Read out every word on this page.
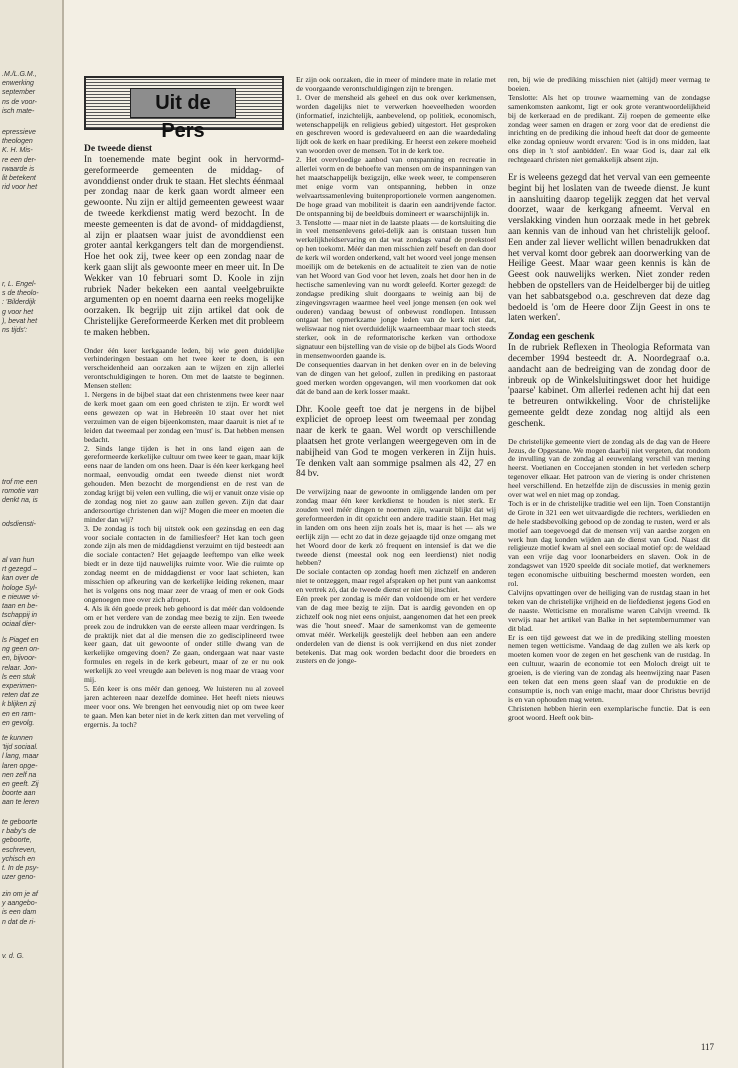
.M./L.G.M.,
enwerking
september
ns de voor-
isch mate-

epressieve
theologen
K. H. Mis-
re een der-
rwaarde is
lit betekent
rid voor het

r, L. Engel-
s de theolo-
: 'Bilderdijk
g voor het
), bevat het
ns tijds':

trof me een
romotie van
denkt na, is

odsdiensti-

al van hun
rt gezegd –
kan over de
hologe Syl-
e nieuwe vi-
taan en be-
tschappij in
ociaal dier-

ls Piaget en
ng geen on-
en, bijvoor-
relaar. Jon-
ls een stuk
experimen-
reten dat ze
k blijken zij
en en ram-
en gevolg.

te kunnen
'tijd sociaal.
l lang, maar
laren opge-
nen zelf na
en geeft. Zij
boorte aan
aan te leren

te geboorte
r baby's de
geboorte,
eschreven,
ychisch en
t. In de psy-
uzer geno-

zin om je af
y aangebo-
is een dam
n dat de ri-

v. d. G.

Uit de Pers
De tweede dienst

In toenemende mate begint ook in hervormd-gereformeerde gemeenten de middag- of avonddienst onder druk te staan. Het slechts éénmaal per zondag naar de kerk gaan wordt almeer een gewoonte. Nu zijn er altijd gemeenten geweest waar de tweede kerkdienst matig werd bezocht. In de meeste gemeenten is dat de avond- of middagdienst, al zijn er plaatsen waar juist de avonddienst een groter aantal kerkgangers telt dan de morgendienst. Hoe het ook zij, twee keer op een zondag naar de kerk gaan slijt als gewoonte meer en meer uit. In De Wekker van 10 februari somt D. Koole in zijn rubriek Nader bekeken een aantal veelgebruikte argumenten op en noemt daarna een reeks mogelijke oorzaken. Ik begrijp uit zijn artikel dat ook de Christelijke Gereformeerde Kerken met dit probleem te maken hebben.

Onder één keer kerkgaande leden, bij wie geen duidelijke verhinderingen bestaan om het twee keer te doen, is een verscheidenheid aan oorzaken aan te wijzen en zijn allerlei verontschuldigingen te horen. Om met de laatste te beginnen. Mensen stellen:

1. Nergens in de bijbel staat dat een christenmens twee keer naar de kerk moet gaan om een goed christen te zijn. Er wordt wel eens gewezen op wat in Hebreeën 10 staat over het niet verzuimen van de eigen bijeenkomsten, maar daaruit is niet af te leiden dat tweemaal per zondag een 'must' is. Dat hebben mensen bedacht.

2. Sinds lange tijden is het in ons land eigen aan de gereformeerde kerkelijke cultuur om twee keer te gaan, maar kijk eens naar de landen om ons heen. Daar is één keer kerkgang heel normaal, eenvoudig omdat een tweede dienst niet wordt gehouden. Men bezocht de morgendienst en de rest van de zondag krijgt bij velen een vulling, die wij er vanuit onze visie op de zondag nog niet zo gauw aan zullen geven. Zijn dat daar andersoortige christenen dan wij? Mogen die meer en moeten die minder dan wij?

3. De zondag is toch bij uitstek ook een gezinsdag en een dag voor sociale contacten in de familiesfeer? Het kan toch geen zonde zijn als men de middagdienst verzuimt en tijd besteedt aan die sociale contacten? Het gejaagde leeftempo van elke week biedt er in deze tijd nauwelijks ruimte voor. Wie die ruimte op zondag neemt en de middagdienst er voor laat schieten, kan misschien op afkeuring van de kerkelijke leiding rekenen, maar het is volgens ons nog maar zeer de vraag of men er ook Gods ongenoegen mee over zich afroept.

4. Als ik één goede preek heb gehoord is dat méér dan voldoende om er het verdere van de zondag mee bezig te zijn. Een tweede preek zou de indrukken van de eerste alleen maar verdringen. Is de praktijk niet dat al die mensen die zo gedisciplineerd twee keer gaan, dat uit gewoonte of onder stille dwang van de kerkelijke omgeving doen? Ze gaan, ondergaan wat naar vaste formules en regels in de kerk gebeurt, maar of ze er nu ook werkelijk zo veel vreugde aan beleven is nog maar de vraag voor mij.

5. Eén keer is ons méér dan genoeg. We luisteren nu al zoveel jaren achtereen naar dezelfde dominee. Het heeft niets nieuws meer voor ons. We brengen het eenvoudig niet op om twee keer te gaan. Men kan beter niet in de kerk zitten dan met verveling of ergernis. Ja toch?

Er zijn ook oorzaken, die in meer of mindere mate in relatie met de voorgaande verontschuldigingen zijn te brengen.

1. Over de mensheid als geheel en dus ook over kerkmensen, worden dagelijks niet te verwerken hoeveelheden woorden (informatief, inzichtelijk, aanbevelend, op politiek, economisch, wetenschappelijk en religieus gebied) uitgestort. Het gesproken en geschreven woord is gedevalueerd en aan die waardedaling lijdt ook de kerk en haar prediking. Er heerst een zekere moeheid van woorden over de mensen. Tot in de kerk toe.

2. Het overvloedige aanbod van ontspanning en recreatie in allerlei vorm en de behoefte van mensen om de inspanningen van het maatschappelijk bezigzijn, elke week weer, te compenseren met enige vorm van ontspanning, hebben in onze welvaartssamenleving buitenproportionele vormen aangenomen. De hoge graad van mobiliteit is daarin een aandrijvende factor. De ontspanning bij de beeldbuis domineert er waarschijnlijk in.

3. Tenslotte — maar niet in de laatste plaats — de kortsluiting die in veel mensenlevens gelei-delijk aan is ontstaan tussen hun werkelijkheidservaring en dat wat zondags vanaf de preekstoel op hen toekomt. Méér dan men misschien zelf beseft en dan door de kerk wil worden onderkend, valt het woord veel jonge mensen moeilijk om de betekenis en de actualiteit te zien van de notie van het Woord van God voor het leven, zoals het door hen in de hectische samenleving van nu wordt geleefd. Korter gezegd: de zondagse prediking sluit doorgaans te weinig aan bij de zingevingsvragen waarmee heel veel jonge mensen (en ook wel ouderen) vandaag bewust of onbewust rondlopen. Intussen ontgaat het opmerkzame jonge leden van de kerk niet dat, weliswaar nog niet overduidelijk waarneembaar maar toch steeds sterker, ook in de reformatorische kerken van orthodoxe signatuur een bijstelling van de visie op de bijbel als Gods Woord in mensenwoorden gaande is.

De consequenties daarvan in het denken over en in de beleving van de dingen van het geloof, zullen in prediking en pastoraat goed merken worden opgevangen, wil men voorkomen dat ook dát de band aan de kerk losser maakt.

Dhr. Koole geeft toe dat je nergens in de bijbel expliciet de oproep leest om tweemaal per zondag naar de kerk te gaan. Wel wordt op verschillende plaatsen het grote verlangen weergegeven om in de nabijheid van God te mogen verkeren in Zijn huis. Te denken valt aan sommige psalmen als 42, 27 en 84 bv.

De verwijzing naar de gewoonte in omliggende landen om per zondag maar één keer kerkdienst te houden is niet sterk. Er zouden veel méér dingen te noemen zijn, waaruit blijkt dat wij gereformeerden in dit opzicht een andere traditie staan. Het mag in landen om ons heen zijn zoals het is, maar is het — als we eerlijk zijn — echt zo dat in deze gejaagde tijd onze omgang met het Woord door de kerk zó frequent en intensief is dat we die tweede dienst (meestal ook nog een leerdienst) niet nodig hebben?

De sociale contacten op zondag hoeft men zichzelf en anderen niet te ontzeggen, maar regel afspraken op het punt van aankomst en vertrek zó, dat de tweede dienst er niet bij inschiet.

Eén preek per zondag is méér dan voldoende om er het verdere van de dag mee bezig te zijn. Dat is aardig gevonden en op zichzelf ook nog niet eens onjuist, aangenomen dat het een preek was die 'hout sneed'. Maar de samenkomst van de gemeente omvat méér. Werkelijk geestelijk deel hebben aan een andere onderdelen van de dienst is ook verrijkend en dus niet zonder betekenis. Dat mag ook worden bedacht door die broeders en zusters en de jonge-

ren, bij wie de prediking misschien niet (altijd) meer vermag te boeien.

Tenslotte: Als het op trouwe waarneming van de zondagse samenkomsten aankomt, ligt er ook grote verantwoordelijkheid bij de kerkeraad en de predikant. Zij roepen de gemeente elke zondag weer samen en dragen er zorg voor dat de eredienst die inrichting en de prediking die inhoud heeft dat door de gemeente elke zondag opnieuw wordt ervaren: 'God is in ons midden, laat ons diep in 't stof aanbidden'. En waar God is, daar zal elk rechtgeaard christen niet gemakkelijk absent zijn.

Er is weleens gezegd dat het verval van een gemeente begint bij het loslaten van de tweede dienst. Je kunt in aansluiting daarop tegelijk zeggen dat het verval doorzet, waar de kerkgang afneemt. Verval en verslakking vinden hun oorzaak mede in het gebrek aan kennis van de inhoud van het christelijk geloof. Een ander zal liever wellicht willen benadrukken dat het verval komt door gebrek aan doorwerking van de Heilige Geest. Maar waar geen kennis is kàn de Geest ook nauwelijks werken. Niet zonder reden hebben de opstellers van de Heidelberger bij de uitleg van het sabbatsgebod o.a. geschreven dat deze dag bedoeld is 'om de Heere door Zijn Geest in ons te laten werken'.

Zondag een geschenk

In de rubriek Reflexen in Theologia Reformata van december 1994 besteedt dr. A. Noordegraaf o.a. aandacht aan de bedreiging van de zondag door de inbreuk op de Winkelsluitingswet door het huidige 'paarse' kabinet. Om allerlei redenen acht hij dat een te betreuren ontwikkeling. Voor de christelijke gemeente geldt deze zondag nog altijd als een geschenk.

De christelijke gemeente viert de zondag als de dag van de Heere Jezus, de Opgestane. We mogen daarbij niet vergeten, dat rondom de invulling van de zondag al eeuwenlang verschil van mening heerst. Voetianen en Coccejanen stonden in het verleden scherp tegenover elkaar. Het patroon van de viering is onder christenen heel verschillend. En hetzelfde zijn de discussies in menig gezin over wat wel en niet mag op zondag.

Toch is er in de christelijke traditie wel een lijn. Toen Constantijn de Grote in 321 een wet uitvaardigde die rechters, werklieden en de hele stadsbevolking gebood op de zondag te rusten, werd er als motief aan toegevoegd dat de mensen vrij van aardse zorgen en werk hun dag konden wijden aan de dienst van God. Naast dit religieuze motief kwam al snel een sociaal motief op: de weldaad van een vrije dag voor loonarbeiders en slaven. Ook in de zondagswet van 1920 speelde dit sociale motief, dat werknemers tegen economische uitbuiting beschermd moesten worden, een rol.

Calvijns opvattingen over de heiliging van de rustdag staan in het teken van de christelijke vrijheid en de liefdedienst jegens God en de naaste. Wetticisme en moralisme waren Calvijn vreemd. Ik verwijs naar het artikel van Balke in het septembernummer van dit blad.

Er is een tijd geweest dat we in de prediking stelling moesten nemen tegen wetticisme. Vandaag de dag zullen we als kerk op moeten komen voor de zegen en het geschenk van de rustdag. In een cultuur, waarin de economie tot een Moloch dreigt uit te groeien, is de viering van de zondag als heenwijzing naar Pasen een teken dat een mens geen slaaf van de produktie en de consumptie is, noch van enige macht, maar door Christus bevrijd is en van ophouden mag weten.

Christenen hebben hierin een exemplarische functie. Dat is een groot woord. Heeft ook bin-

117
